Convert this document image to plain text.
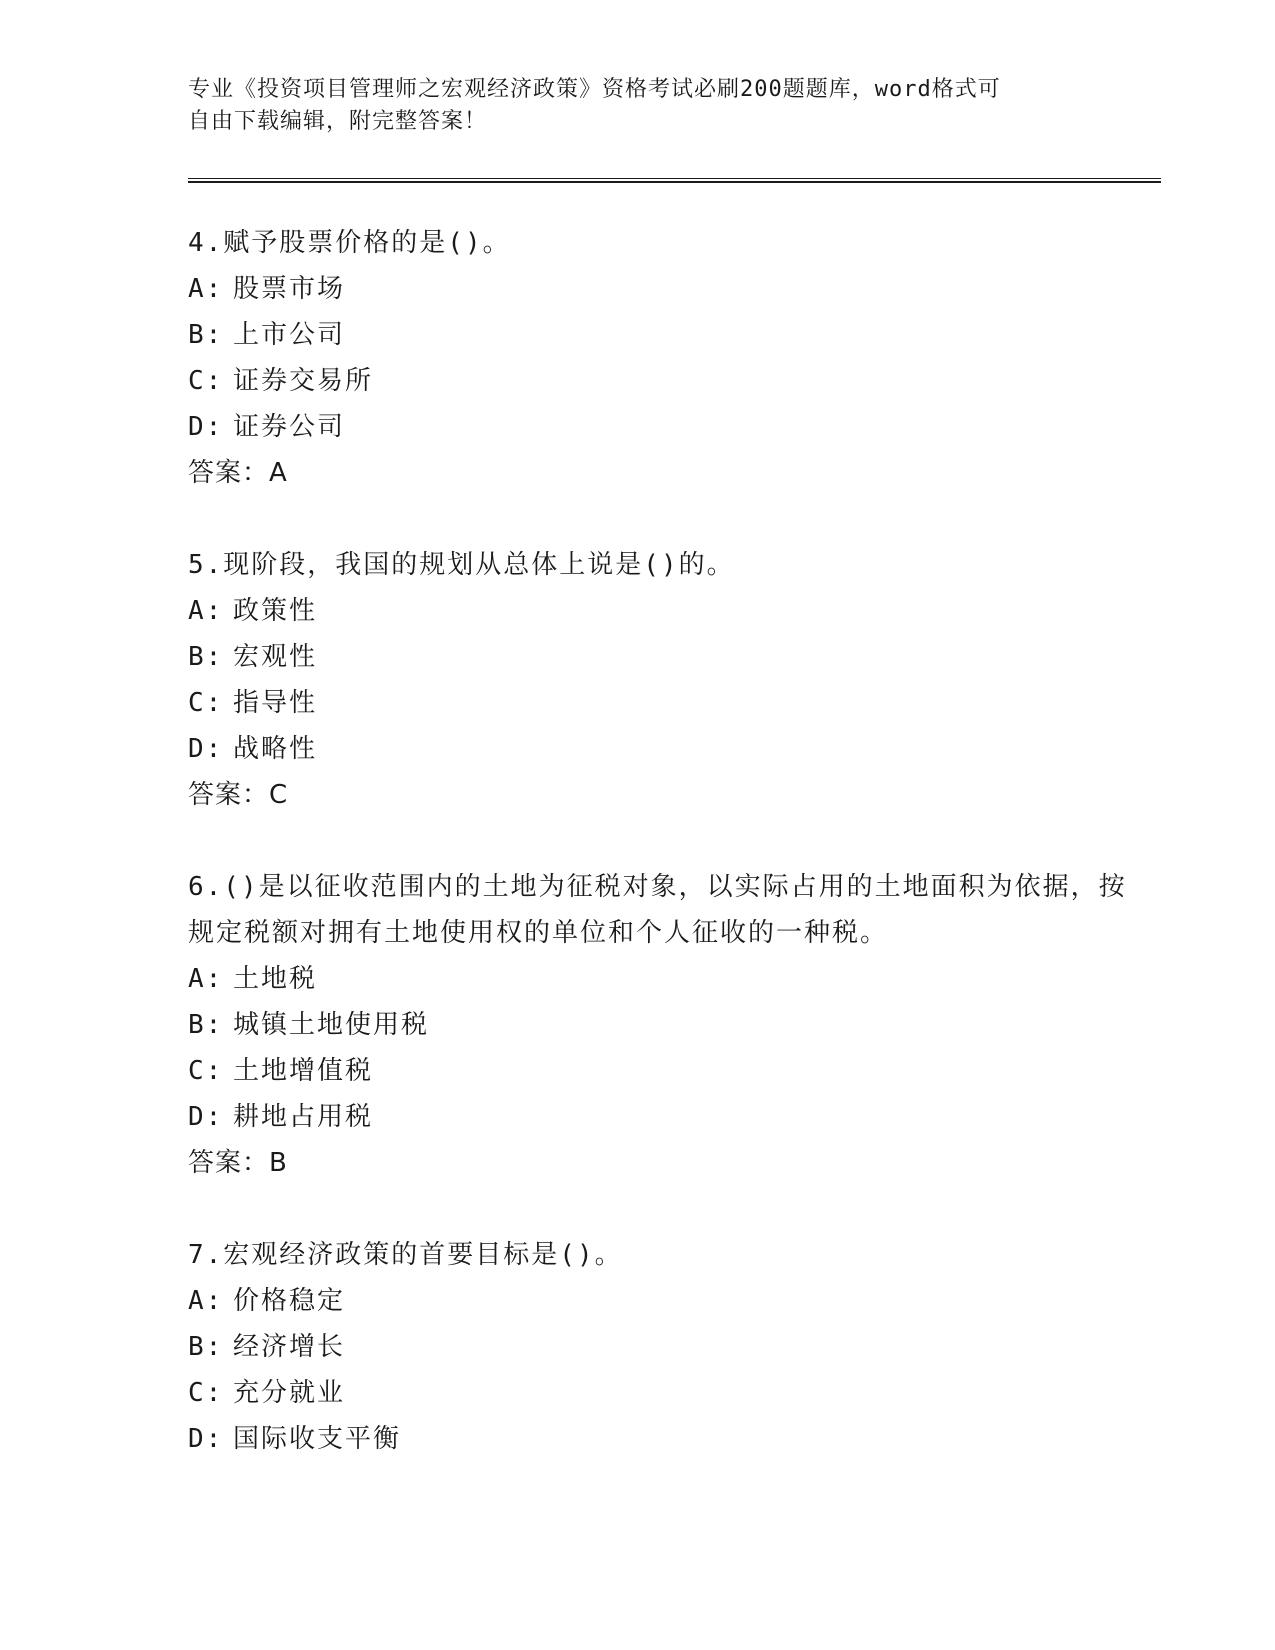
专业《投资项目管理师之宏观经济政策》资格考试必刷200题题库，word格式可
自由下载编辑，附完整答案！

4.赋予股票价格的是()。

A: 股票市场
B: 上市公司
C: 证券交易所
D: 证券公司
答案：A

5.现阶段，我国的规划从总体上说是()的。

A: 政策性
B: 宏观性
C: 指导性
D: 战略性
答案：C

6.()是以征收范围内的土地为征税对象，以实际占用的土地面积为依据，按规定税额对拥有土地使用权的单位和个人征收的一种税。

A: 土地税
B: 城镇土地使用税
C: 土地增值税
D: 耕地占用税
答案：B

7.宏观经济政策的首要目标是()。

A: 价格稳定
B: 经济增长
C: 充分就业
D: 国际收支平衡
